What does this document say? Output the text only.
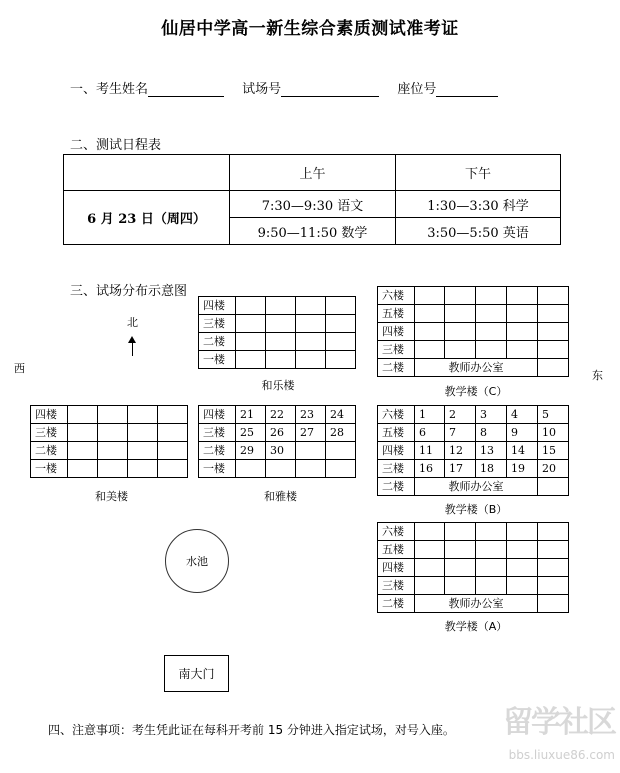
仙居中学高一新生综合素质测试准考证
一、考生姓名	试场号	座位号
二、测试日程表
	上午	下午
6 月 23 日（周四）	7:30—9:30 语文	1:30—3:30 科学
	9:50—11:50 数学	3:50—5:50 英语
三、试场分布示意图
北
西
东
四楼				
三楼				
二楼				
一楼				
和乐楼
四楼				
三楼				
二楼				
一楼				
和美楼
四楼	21	22	23	24
三楼	25	26	27	28
二楼	29	30		
一楼				
和雅楼
六楼					
五楼					
四楼					
三楼					
二楼	教师办公室				
教学楼（C）
六楼	1	2	3	4	5
五楼	6	7	8	9	10
四楼	11	12	13	14	15
三楼	16	17	18	19	20
二楼	教师办公室				
教学楼（B）
六楼					
五楼					
四楼					
三楼					
二楼	教师办公室				
教学楼（A）
水池
南大门
四、注意事项：考生凭此证在每科开考前 15 分钟进入指定试场，对号入座。	留学社区
bbs.liuxue86.com
